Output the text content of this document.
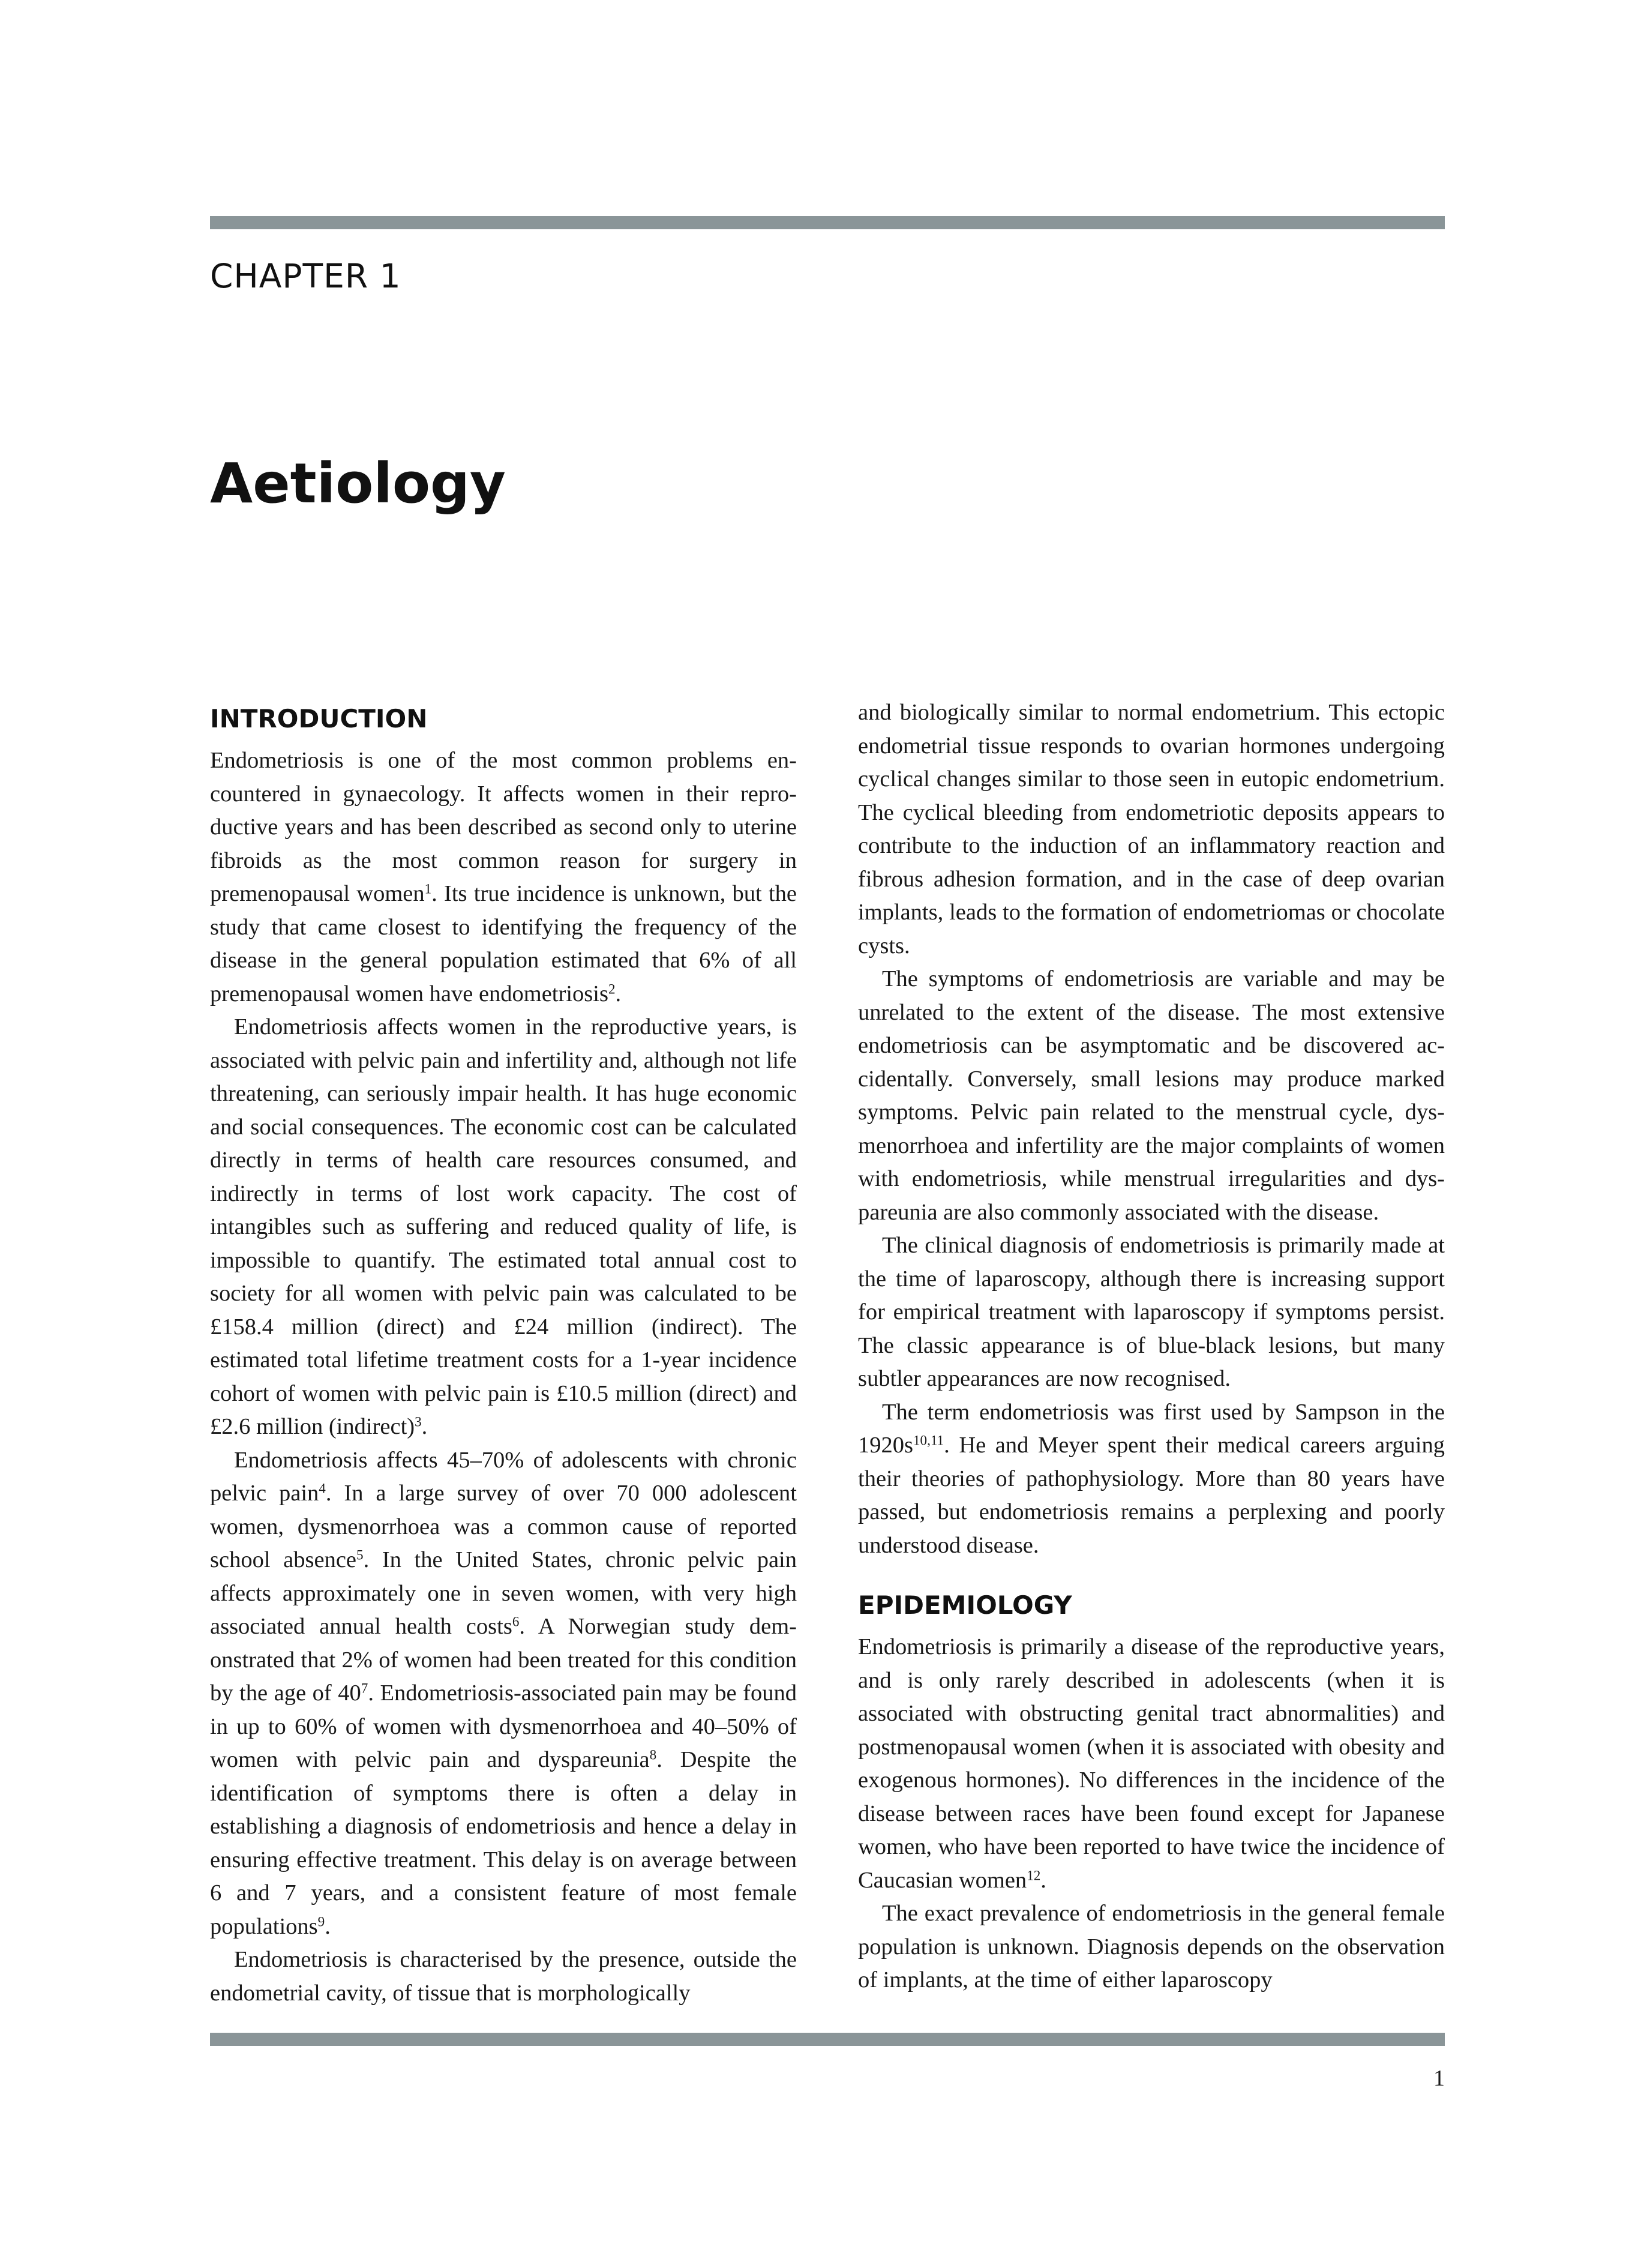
CHAPTER 1
Aetiology
INTRODUCTION

Endometriosis is one of the most common problems encountered in gynaecology. It affects women in their reproductive years and has been described as second only to uterine fibroids as the most common reason for surgery in premenopausal women$^1$. Its true incidence is unknown, but the study that came closest to identifying the frequency of the disease in the general population estimated that 6% of all premenopausal women have endometriosis$^2$.

Endometriosis affects women in the reproductive years, is associated with pelvic pain and infertility and, although not life threatening, can seriously impair health. It has huge economic and social consequences. The economic cost can be calculated directly in terms of health care resources consumed, and indirectly in terms of lost work capacity. The cost of intangibles such as suffering and reduced quality of life, is impossible to quantify. The estimated total annual cost to society for all women with pelvic pain was calculated to be £158.4 million (direct) and £24 million (indirect). The estimated total lifetime treatment costs for a 1-year incidence cohort of women with pelvic pain is £10.5 million (direct) and £2.6 million (indirect)$^3$.

Endometriosis affects 45–70% of adolescents with chronic pelvic pain$^4$. In a large survey of over 70 000 adolescent women, dysmenorrhoea was a common cause of reported school absence$^5$. In the United States, chronic pelvic pain affects approximately one in seven women, with very high associated annual health costs$^6$. A Norwegian study demonstrated that 2% of women had been treated for this condition by the age of $40^7$. Endometriosis-associated pain may be found in up to 60% of women with dysmenorrhoea and 40–50% of women with pelvic pain and dyspareunia$^8$. Despite the identification of symptoms there is often a delay in establishing a diagnosis of endometriosis and hence a delay in ensuring effective treatment. This delay is on average between 6 and 7 years, and a consistent feature of most female populations$^9$.

Endometriosis is characterised by the presence, outside the endometrial cavity, of tissue that is morphologically

and biologically similar to normal endometrium. This ectopic endometrial tissue responds to ovarian hormones undergoing cyclical changes similar to those seen in eutopic endometrium. The cyclical bleeding from endometriotic deposits appears to contribute to the induction of an inflammatory reaction and fibrous adhesion formation, and in the case of deep ovarian implants, leads to the formation of endometriomas or chocolate cysts.

The symptoms of endometriosis are variable and may be unrelated to the extent of the disease. The most extensive endometriosis can be asymptomatic and be discovered accidentally. Conversely, small lesions may produce marked symptoms. Pelvic pain related to the menstrual cycle, dysmenorrhoea and infertility are the major complaints of women with endometriosis, while menstrual irregularities and dyspareunia are also commonly associated with the disease.

The clinical diagnosis of endometriosis is primarily made at the time of laparoscopy, although there is increasing support for empirical treatment with laparoscopy if symptoms persist. The classic appearance is of blue-black lesions, but many subtler appearances are now recognised.

The term endometriosis was first used by Sampson in the $1920s^{10,11}$. He and Meyer spent their medical careers arguing their theories of pathophysiology. More than 80 years have passed, but endometriosis remains a perplexing and poorly understood disease.

EPIDEMIOLOGY

Endometriosis is primarily a disease of the reproductive years, and is only rarely described in adolescents (when it is associated with obstructing genital tract abnormalities) and postmenopausal women (when it is associated with obesity and exogenous hormones). No differences in the incidence of the disease between races have been found except for Japanese women, who have been reported to have twice the incidence of Caucasian women$^{12}$.

The exact prevalence of endometriosis in the general female population is unknown. Diagnosis depends on the observation of implants, at the time of either laparoscopy

1
